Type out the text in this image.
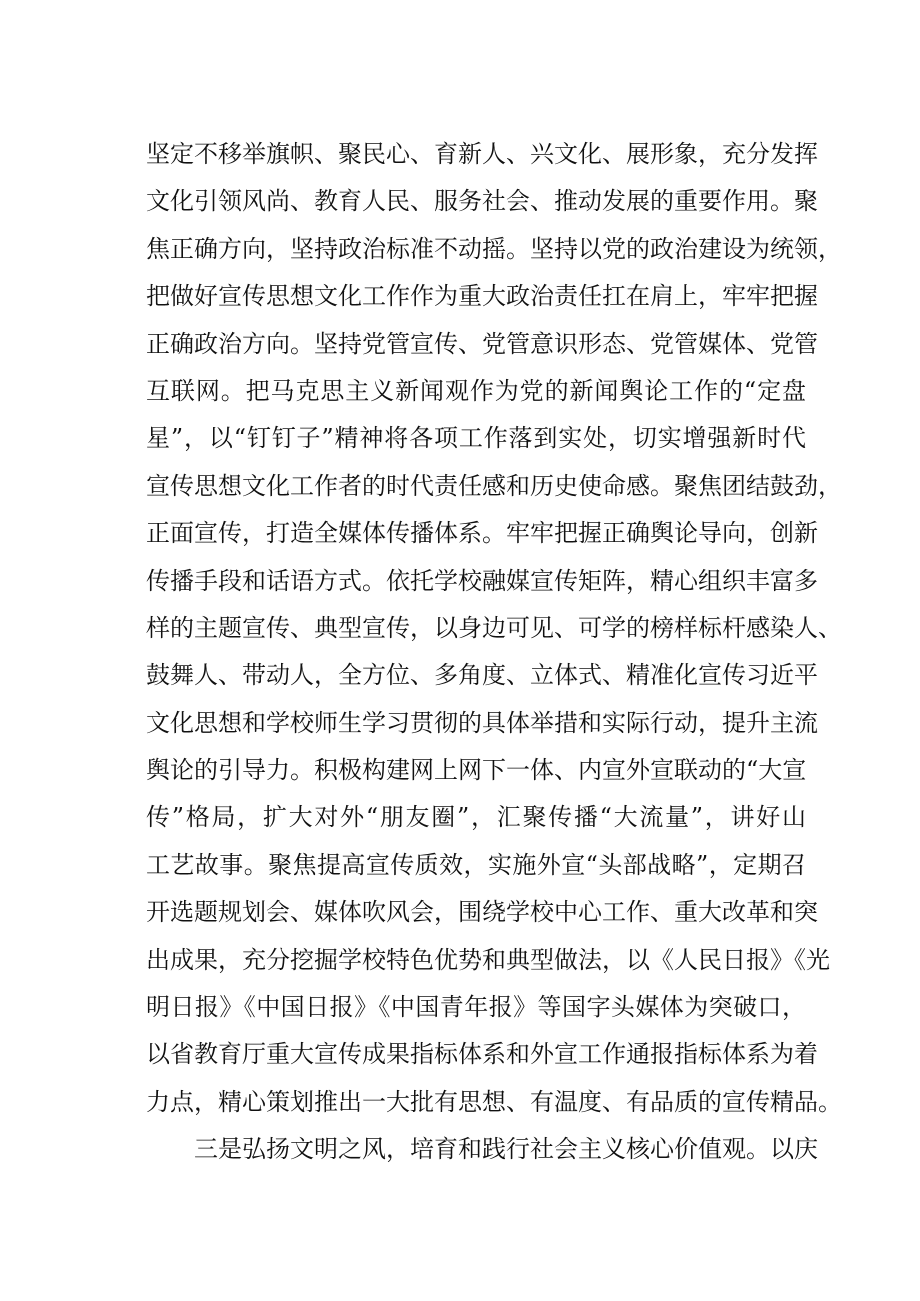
坚定不移举旗帜、聚民心、育新人、兴文化、展形象，充分发挥
文化引领风尚、教育人民、服务社会、推动发展的重要作用。聚
焦正确方向，坚持政治标准不动摇。坚持以党的政治建设为统领，
把做好宣传思想文化工作作为重大政治责任扛在肩上，牢牢把握
正确政治方向。坚持党管宣传、党管意识形态、党管媒体、党管
互联网。把马克思主义新闻观作为党的新闻舆论工作的“定盘
星”，以“钉钉子”精神将各项工作落到实处，切实增强新时代
宣传思想文化工作者的时代责任感和历史使命感。聚焦团结鼓劲，
正面宣传，打造全媒体传播体系。牢牢把握正确舆论导向，创新
传播手段和话语方式。依托学校融媒宣传矩阵，精心组织丰富多
样的主题宣传、典型宣传，以身边可见、可学的榜样标杆感染人、
鼓舞人、带动人，全方位、多角度、立体式、精准化宣传习近平
文化思想和学校师生学习贯彻的具体举措和实际行动，提升主流
舆论的引导力。积极构建网上网下一体、内宣外宣联动的“大宣
传”格局，扩大对外“朋友圈”，汇聚传播“大流量”，讲好山
工艺故事。聚焦提高宣传质效，实施外宣“头部战略”，定期召
开选题规划会、媒体吹风会，围绕学校中心工作、重大改革和突
出成果，充分挖掘学校特色优势和典型做法，以《人民日报》《光
明日报》《中国日报》《中国青年报》等国字头媒体为突破口，
以省教育厅重大宣传成果指标体系和外宣工作通报指标体系为着
力点，精心策划推出一大批有思想、有温度、有品质的宣传精品。
三是弘扬文明之风，培育和践行社会主义核心价值观。以庆
